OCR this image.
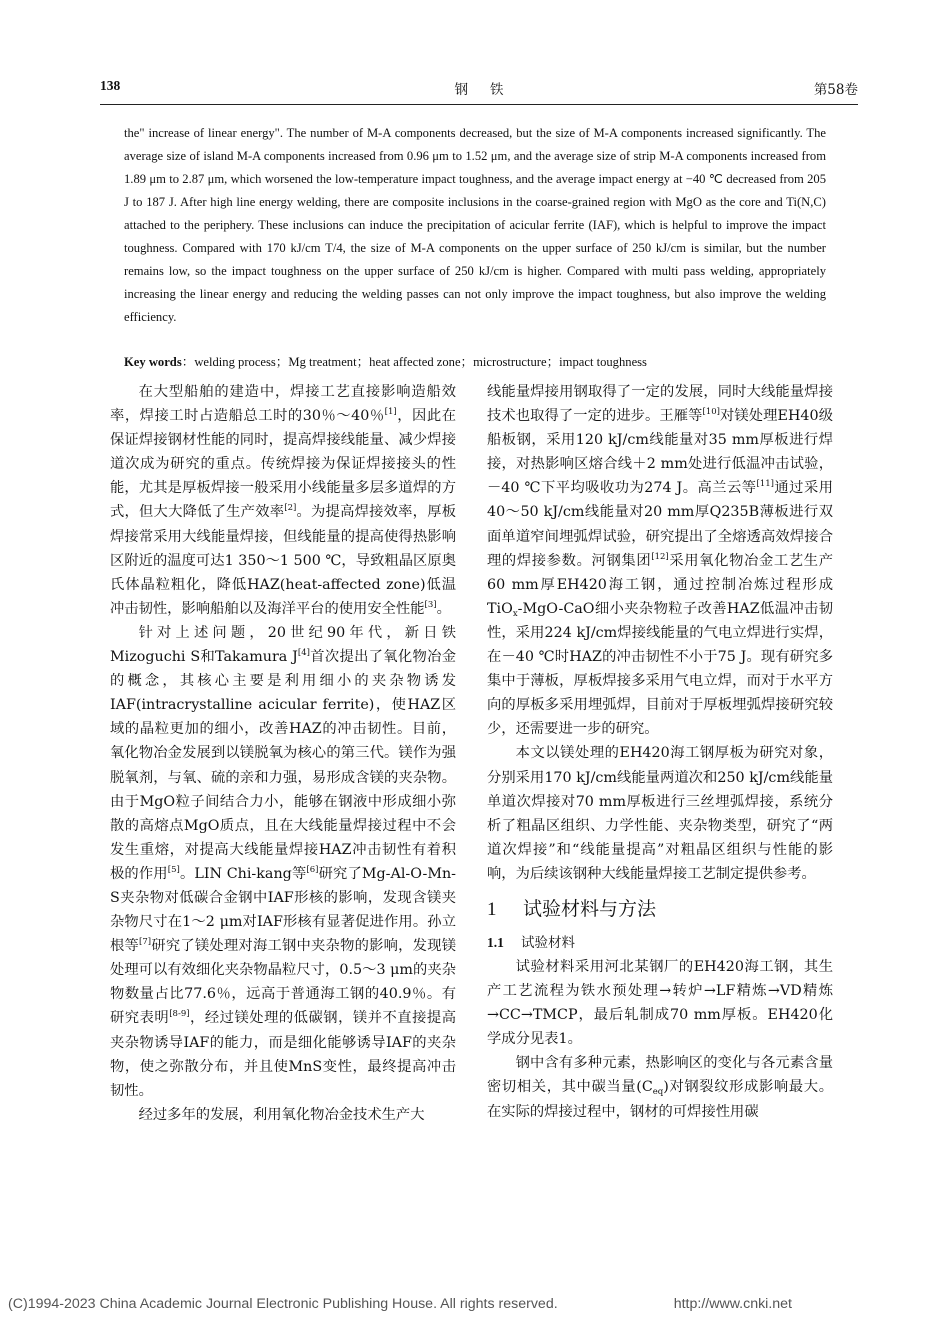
138	钢铁	第58卷
the" increase of linear energy". The number of M-A components decreased, but the size of M-A components increased significantly. The average size of island M-A components increased from 0.96 μm to 1.52 μm, and the average size of strip M-A components increased from 1.89 μm to 2.87 μm, which worsened the low-temperature impact toughness, and the average impact energy at −40 ℃ decreased from 205 J to 187 J. After high line energy welding, there are composite inclusions in the coarse-grained region with MgO as the core and Ti(N,C) attached to the periphery. These inclusions can induce the precipitation of acicular ferrite (IAF), which is helpful to improve the impact toughness. Compared with 170 kJ/cm T/4, the size of M-A components on the upper surface of 250 kJ/cm is similar, but the number remains low, so the impact toughness on the upper surface of 250 kJ/cm is higher. Compared with multi pass welding, appropriately increasing the linear energy and reducing the welding passes can not only improve the impact toughness, but also improve the welding efficiency.
Key words：welding process；Mg treatment；heat affected zone；microstructure；impact toughness

在大型船舶的建造中，焊接工艺直接影响造船效率，焊接工时占造船总工时的30％～40％[1]，因此在保证焊接钢材性能的同时，提高焊接线能量、减少焊接道次成为研究的重点。传统焊接为保证焊接接头的性能，尤其是厚板焊接一般采用小线能量多层多道焊的方式，但大大降低了生产效率[2]。为提高焊接效率，厚板焊接常采用大线能量焊接，但线能量的提高使得热影响区附近的温度可达1 350～1 500 ℃，导致粗晶区原奥氏体晶粒粗化，降低HAZ(heat-affected zone)低温冲击韧性，影响船舶以及海洋平台的使用安全性能[3]。

针对上述问题，20世纪90年代，新日铁Mizoguchi S和Takamura J[4]首次提出了氧化物冶金的概念，其核心主要是利用细小的夹杂物诱发IAF(intracrystalline acicular ferrite)，使HAZ区域的晶粒更加的细小，改善HAZ的冲击韧性。目前，氧化物冶金发展到以镁脱氧为核心的第三代。镁作为强脱氧剂，与氧、硫的亲和力强，易形成含镁的夹杂物。由于MgO粒子间结合力小，能够在钢液中形成细小弥散的高熔点MgO质点，且在大线能量焊接过程中不会发生重熔，对提高大线能量焊接HAZ冲击韧性有着积极的作用[5]。LIN Chi-kang等[6]研究了Mg-Al-O-Mn-S夹杂物对低碳合金钢中IAF形核的影响，发现含镁夹杂物尺寸在1～2 μm对IAF形核有显著促进作用。孙立根等[7]研究了镁处理对海工钢中夹杂物的影响，发现镁处理可以有效细化夹杂物晶粒尺寸，0.5～3 μm的夹杂物数量占比77.6％，远高于普通海工钢的40.9％。有研究表明[8-9]，经过镁处理的低碳钢，镁并不直接提高夹杂物诱导IAF的能力，而是细化能够诱导IAF的夹杂物，使之弥散分布，并且使MnS变性，最终提高冲击韧性。

经过多年的发展，利用氧化物冶金技术生产大

线能量焊接用钢取得了一定的发展，同时大线能量焊接技术也取得了一定的进步。王雁等[10]对镁处理EH40级船板钢，采用120 kJ/cm线能量对35 mm厚板进行焊接，对热影响区熔合线＋2 mm处进行低温冲击试验，－40 ℃下平均吸收功为274 J。高兰云等[11]通过采用40～50 kJ/cm线能量对20 mm厚Q235B薄板进行双面单道窄间埋弧焊试验，研究提出了全熔透高效焊接合理的焊接参数。河钢集团[12]采用氧化物冶金工艺生产60 mm厚EH420海工钢，通过控制冶炼过程形成TiO$_x$-MgO-CaO细小夹杂物粒子改善HAZ低温冲击韧性，采用224 kJ/cm焊接线能量的气电立焊进行实焊，在－40 ℃时HAZ的冲击韧性不小于75 J。现有研究多集中于薄板，厚板焊接多采用气电立焊，而对于水平方向的厚板多采用埋弧焊，目前对于厚板埋弧焊接研究较少，还需要进一步的研究。

本文以镁处理的EH420海工钢厚板为研究对象，分别采用170 kJ/cm线能量两道次和250 kJ/cm线能量单道次焊接对70 mm厚板进行三丝埋弧焊接，系统分析了粗晶区组织、力学性能、夹杂物类型，研究了“两道次焊接”和“线能量提高”对粗晶区组织与性能的影响，为后续该钢种大线能量焊接工艺制定提供参考。

1 试验材料与方法
1.1 试验材料

试验材料采用河北某钢厂的EH420海工钢，其生产工艺流程为铁水预处理→转炉→LF精炼→VD精炼→CC→TMCP，最后轧制成70 mm厚板。EH420化学成分见表1。

钢中含有多种元素，热影响区的变化与各元素含量密切相关，其中碳当量$(C_{eq})$对钢裂纹形成影响最大。在实际的焊接过程中，钢材的可焊接性用碳

(C)1994-2023 China Academic Journal Electronic Publishing House. All rights reserved.	http://www.cnki.net
